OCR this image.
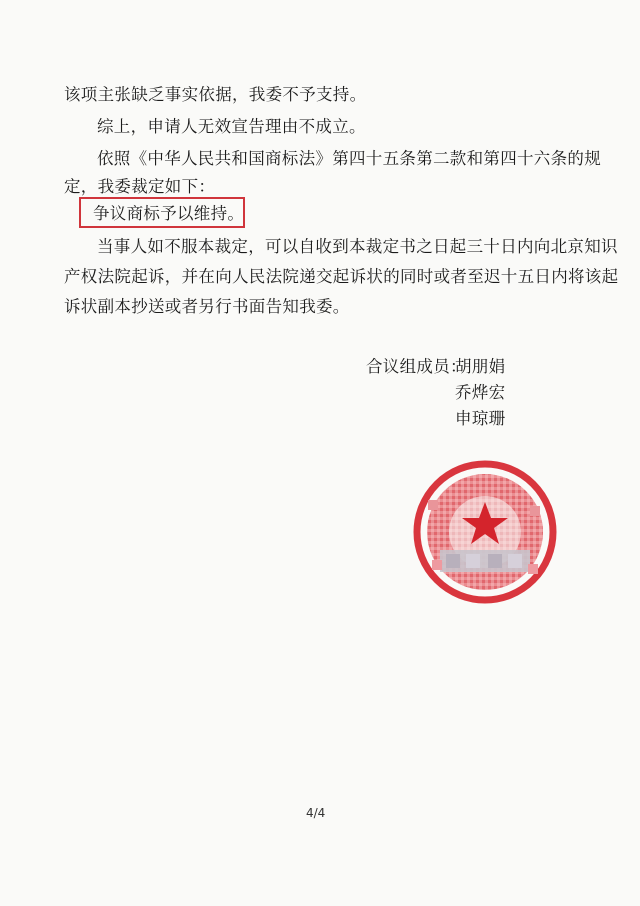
该项主张缺乏事实依据，我委不予支持。
综上，申请人无效宣告理由不成立。
依照《中华人民共和国商标法》第四十五条第二款和第四十六条的规
定，我委裁定如下：
争议商标予以维持。
当事人如不服本裁定，可以自收到本裁定书之日起三十日内向北京知识
产权法院起诉，并在向人民法院递交起诉状的同时或者至迟十五日内将该起
诉状副本抄送或者另行书面告知我委。
合议组成员：
胡朋娟
乔烨宏
申琼珊
4/4
